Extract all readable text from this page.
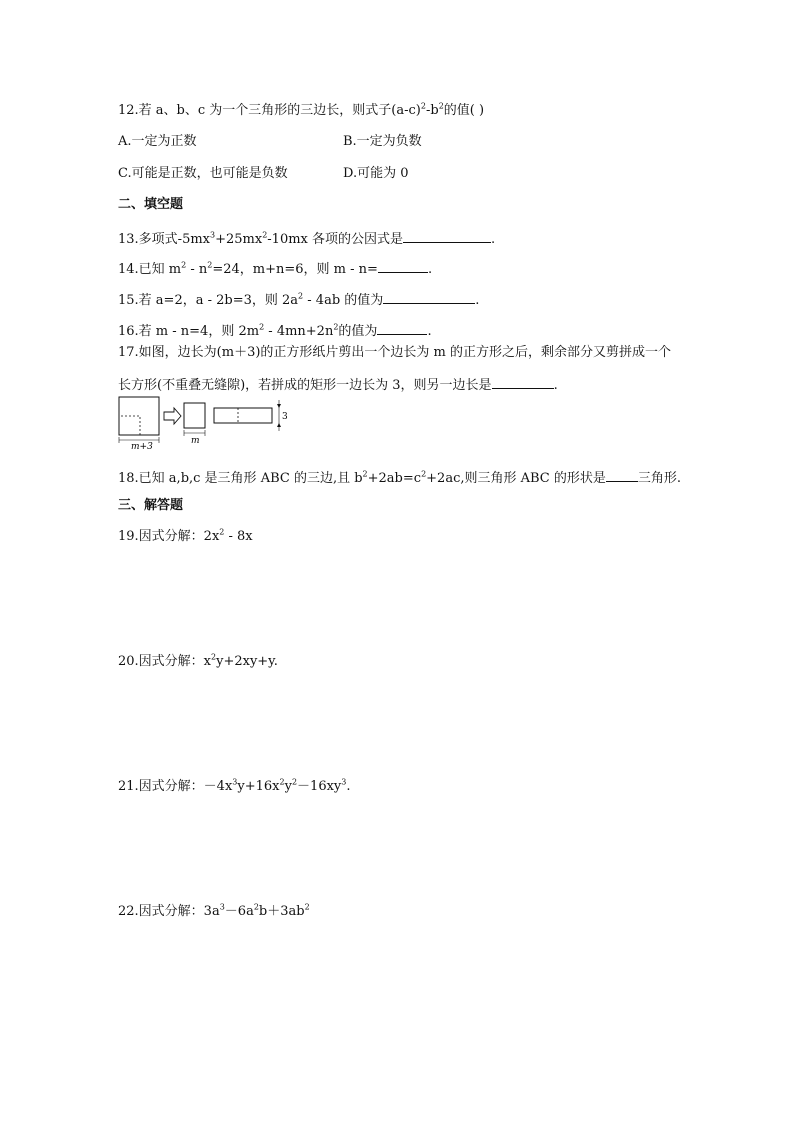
12.若 a、b、c 为一个三角形的三边长，则式子$(a-c)^2-b^2$的值( )
A.一定为正数	B.一定为负数
C.可能是正数，也可能是负数	D.可能为 0
二、填空题
13.多项式$-5mx^3+25mx^2-10mx$ 各项的公因式是	.
14.已知 $m^2 - n^2=24$，m+n=6，则 m - n=	.
15.若 a=2，a - 2b=3，则 $2a^2 - 4ab$ 的值为	.
16.若 m - n=4，则 $2m^2 - 4mn+2n^2$的值为	.
17.如图，边长为(m＋3)的正方形纸片剪出一个边长为 m 的正方形之后，剩余部分又剪拼成一个
长方形(不重叠无缝隙)，若拼成的矩形一边长为 3，则另一边长是	.
m+3
m
3
18.已知 a,b,c 是三角形 ABC 的三边,且 $b^2+2ab=c^2+2ac$,则三角形 ABC 的形状是 三角形.
三、解答题
19.因式分解：$2x^2 - 8x$
20.因式分解：$x^2y+2xy+y$.
21.因式分解：$-4x^3y+16x^2y^2-16xy^3$.
22.因式分解：$3a^3-6a^2b+3ab^2$
